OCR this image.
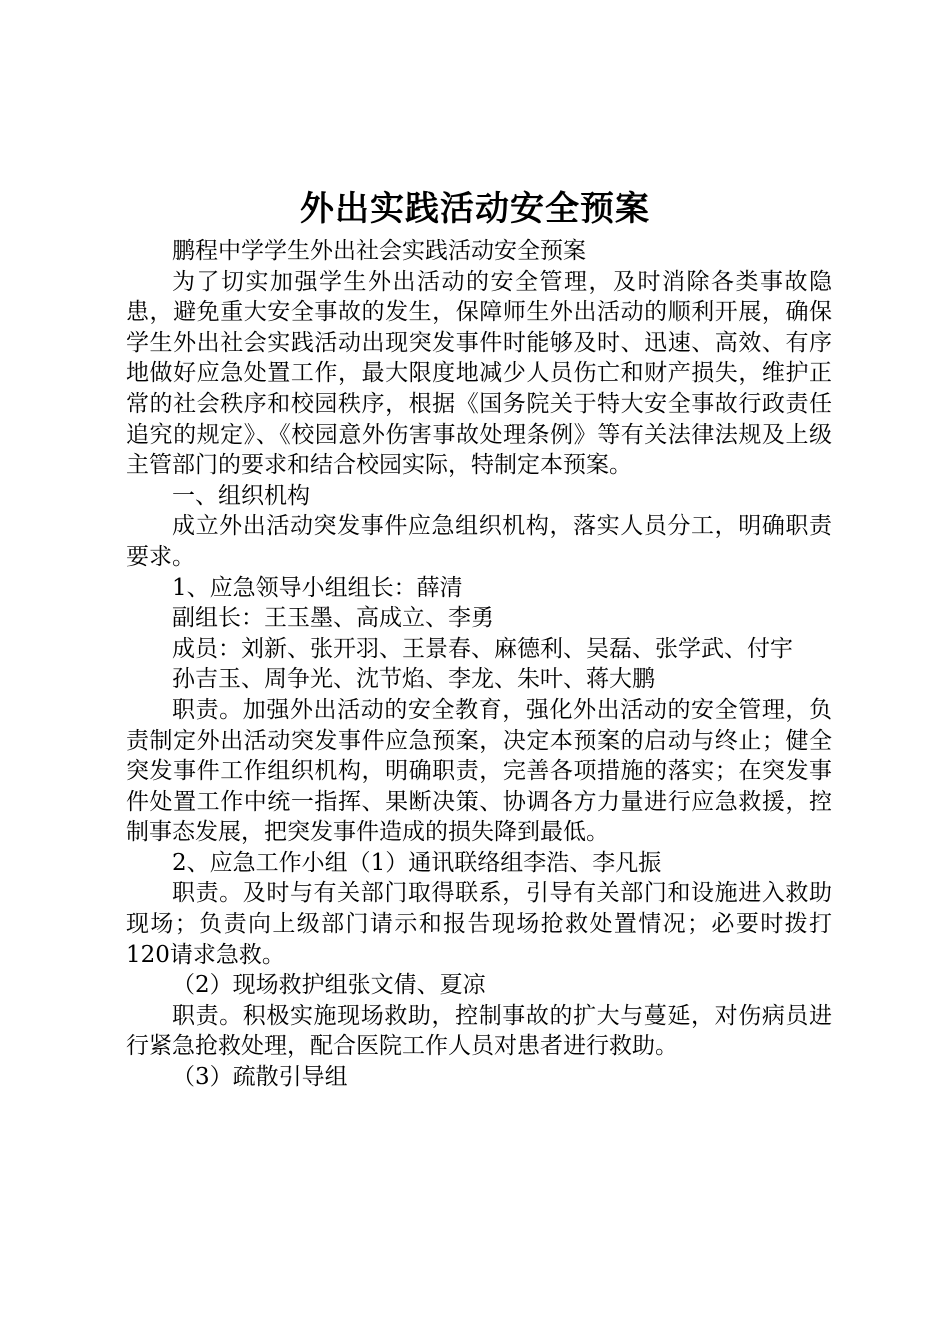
外出实践活动安全预案

鹏程中学学生外出社会实践活动安全预案

为了切实加强学生外出活动的安全管理，及时消除各类事故隐患，避免重大安全事故的发生，保障师生外出活动的顺利开展，确保学生外出社会实践活动出现突发事件时能够及时、迅速、高效、有序地做好应急处置工作，最大限度地减少人员伤亡和财产损失，维护正常的社会秩序和校园秩序，根据《国务院关于特大安全事故行政责任追究的规定》、《校园意外伤害事故处理条例》等有关法律法规及上级主管部门的要求和结合校园实际，特制定本预案。

一、组织机构

成立外出活动突发事件应急组织机构，落实人员分工，明确职责要求。

1、应急领导小组组长：薛清

副组长：王玉墨、高成立、李勇

成员：刘新、张开羽、王景春、麻德利、吴磊、张学武、付宇

孙吉玉、周争光、沈节焰、李龙、朱叶、蒋大鹏

职责。加强外出活动的安全教育，强化外出活动的安全管理，负责制定外出活动突发事件应急预案，决定本预案的启动与终止；健全突发事件工作组织机构，明确职责，完善各项措施的落实；在突发事件处置工作中统一指挥、果断决策、协调各方力量进行应急救援，控制事态发展，把突发事件造成的损失降到最低。

2、应急工作小组（1）通讯联络组李浩、李凡振

职责。及时与有关部门取得联系，引导有关部门和设施进入救助现场；负责向上级部门请示和报告现场抢救处置情况；必要时拨打120请求急救。

（2）现场救护组张文倩、夏凉

职责。积极实施现场救助，控制事故的扩大与蔓延，对伤病员进行紧急抢救处理，配合医院工作人员对患者进行救助。

（3）疏散引导组
